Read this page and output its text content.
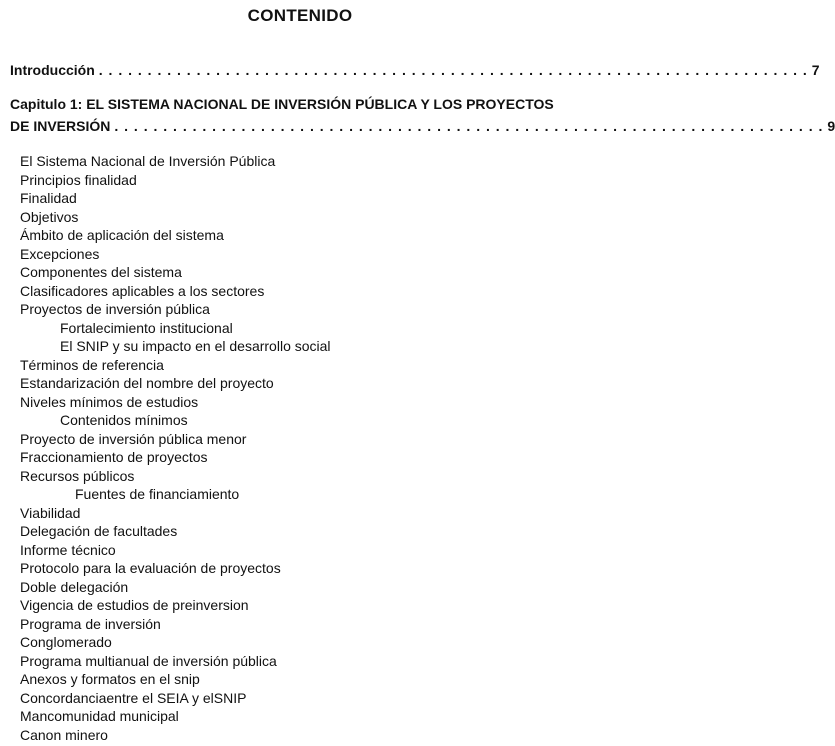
CONTENIDO
Introducción . . . . . . . . . . . . . . . . . . . . . . . . . . . . . . . . . . . . . . . . . . . . . . . . . . . . . . . . . . . . . . . . . . . . . . . . . 7
Capitulo 1: EL SISTEMA NACIONAL DE INVERSIÓN PÚBLICA Y LOS PROYECTOS
DE INVERSIÓN . . . . . . . . . . . . . . . . . . . . . . . . . . . . . . . . . . . . . . . . . . . . . . . . . . . . . . . . . . . . . . . . . . . . . . . . . 9
El Sistema Nacional de Inversión Pública
Principios finalidad
Finalidad
Objetivos
Ámbito de aplicación del sistema
Excepciones
Componentes del sistema
Clasificadores aplicables a los sectores
Proyectos de inversión pública
Fortalecimiento institucional
El SNIP y su impacto en el desarrollo social
Términos de referencia
Estandarización del nombre del proyecto
Niveles mínimos de estudios
Contenidos mínimos
Proyecto de inversión pública menor
Fraccionamiento de proyectos
Recursos públicos
Fuentes de financiamiento
Viabilidad
Delegación de facultades
Informe técnico
Protocolo para la evaluación de proyectos
Doble delegación
Vigencia de estudios de preinversion
Programa de inversión
Conglomerado
Programa multianual de inversión pública
Anexos y formatos en el snip
Concordanciaentre el SEIA y elSNIP
Mancomunidad municipal
Canon minero
